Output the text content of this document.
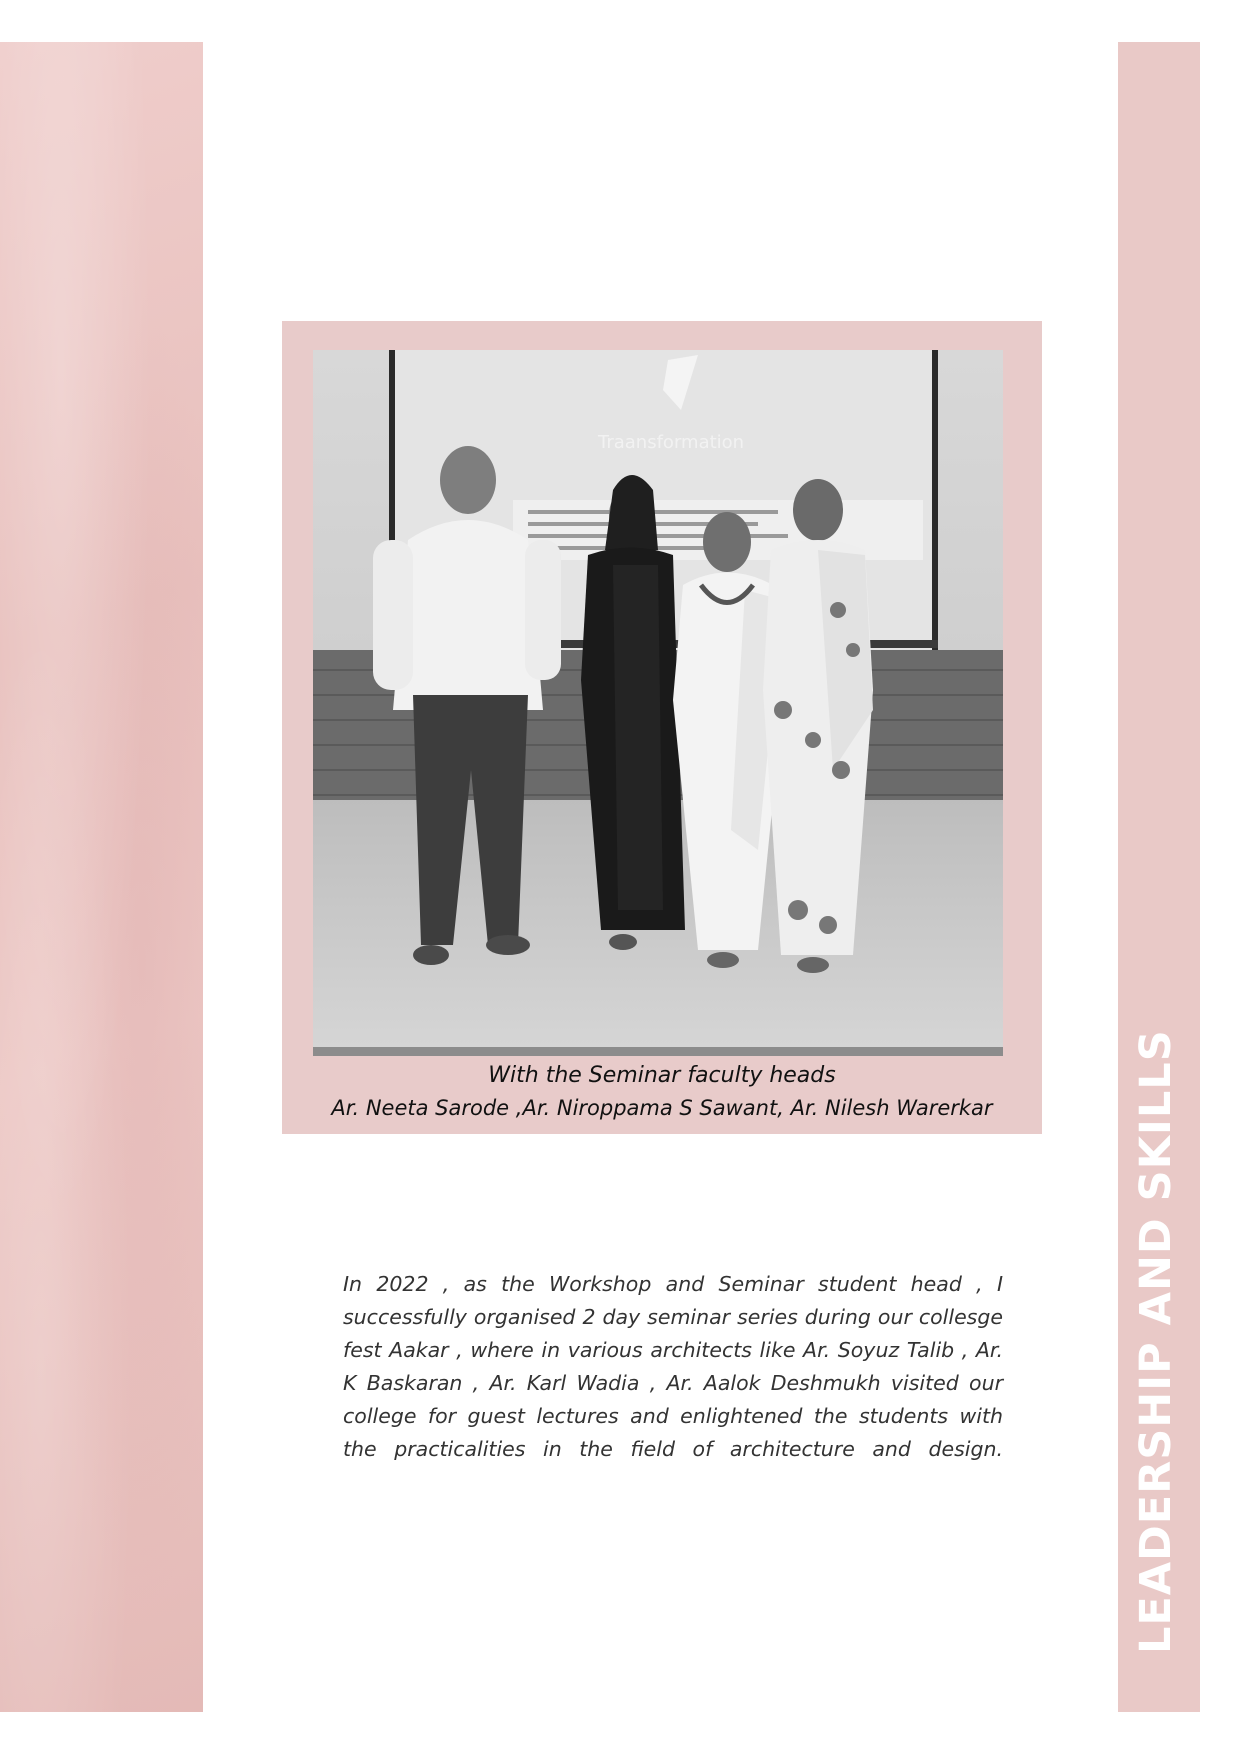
LEADERSHIP AND SKILLS
Traansformation
With the Seminar faculty heads
Ar. Neeta Sarode ,Ar. Niroppama S Sawant, Ar. Nilesh Warerkar

In 2022 , as the Workshop and Seminar student head , I successfully organised 2 day seminar series during our collesge fest Aakar , where in various architects like Ar. Soyuz Talib , Ar. K Baskaran , Ar. Karl Wadia , Ar. Aalok Deshmukh visited our college for guest lectures and enlightened the students with the practicalities in the field of architecture and design.
